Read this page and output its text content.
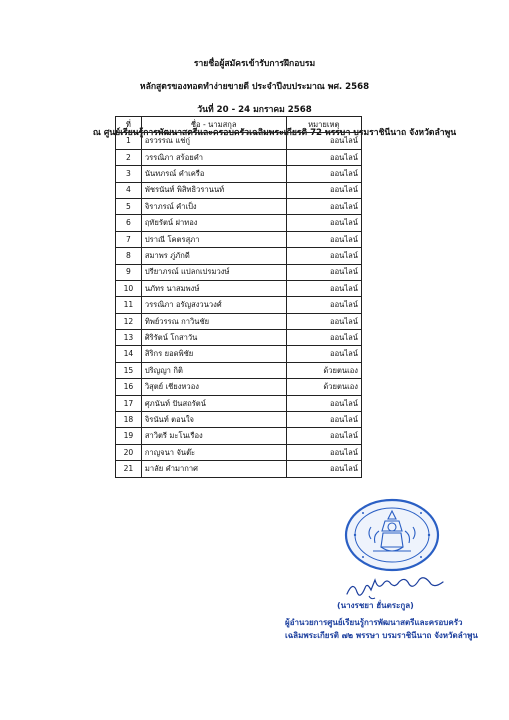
รายชื่อผู้สมัครเข้ารับการฝึกอบรม
หลักสูตรของทอดทำง่ายขายดี ประจำปีงบประมาณ พศ. 2568
วันที่ 20 - 24 มกราคม 2568
ณ ศูนย์เรียนรู้การพัฒนาสตรีและครอบครัวเฉลิมพระเกียรติ 72 พรรษา บรมราชินีนาถ จังหวัดลำพูน
ที่	ชื่อ - นามสกุล	หมายเหตุ
1	อรวรรณ แช่กู่	ออนไลน์
2	วรรณิภา สร้อยคำ	ออนไลน์
3	นันทภรณ์ คำเครือ	ออนไลน์
4	พัชรนันท์ พิสิทธิวรานนท์	ออนไลน์
5	จิราภรณ์ คำเป็ง	ออนไลน์
6	ฤทัยรัตน์ ฝาทอง	ออนไลน์
7	ปราณี โคตรสุภา	ออนไลน์
8	สมาพร ภู่ภักดี	ออนไลน์
9	ปรียาภรณ์ แปลกเปรมวงษ์	ออนไลน์
10	นภัทร นาสมพงษ์	ออนไลน์
11	วรรณิภา อรัญสงวนวงศ์	ออนไลน์
12	ทิพย์วรรณ กาวินชัย	ออนไลน์
13	ศิริรัตน์ โกสาวัน	ออนไลน์
14	สิริกร ยอดพิชัย	ออนไลน์
15	ปริญญา กิติ	ด้วยตนเอง
16	วิสุตย์ เชียงหวอง	ด้วยตนเอง
17	ศุภนันท์ ปันสถรัตน์	ออนไลน์
18	จิรนันท์ ตอนใจ	ออนไลน์
19	สาวิตรี มะโนเรือง	ออนไลน์
20	กาญจนา จันต๊ะ	ออนไลน์
21	มาลัย คำมากาศ	ออนไลน์
(นางรชยา ฮั่นตระกูล)
ผู้อำนวยการศูนย์เรียนรู้การพัฒนาสตรีและครอบครัว
เฉลิมพระเกียรติ ๗๒ พรรษา บรมราชินีนาถ จังหวัดลำพูน
